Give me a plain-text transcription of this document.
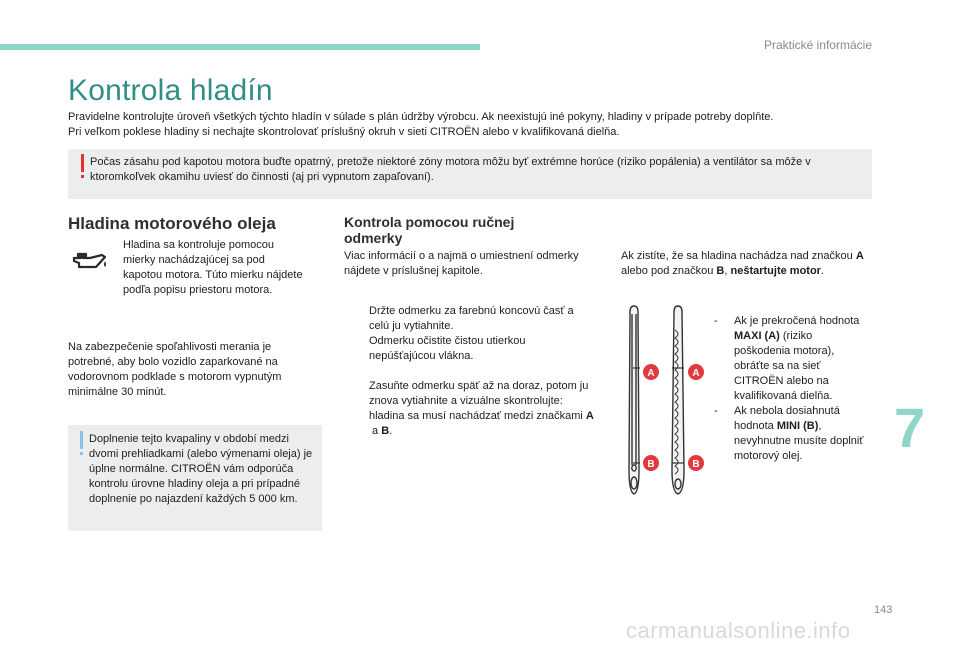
Praktické informácie
Kontrola hladín

Pravidelne kontrolujte úroveň všetkých týchto hladín v súlade s plán údržby výrobcu. Ak neexistujú iné pokyny, hladiny v prípade potreby doplňte.

Pri veľkom poklese hladiny si nechajte skontrolovať príslušný okruh v sieti CITROËN alebo v kvalifikovaná dielňa.

Počas zásahu pod kapotou motora buďte opatrný, pretože niektoré zóny motora môžu byť extrémne horúce (riziko popálenia) a ventilátor sa môže v ktoromkoľvek okamihu uviesť do činnosti (aj pri vypnutom zapaľovaní).
Hladina motorového oleja
Hladina sa kontroluje pomocou mierky nachádzajúcej sa pod kapotou motora. Túto mierku nájdete podľa popisu priestoru motora.
Na zabezpečenie spoľahlivosti merania je potrebné, aby bolo vozidlo zaparkované na vodorovnom podklade s motorom vypnutým minimálne 30 minút.
Doplnenie tejto kvapaliny v období medzi dvomi prehliadkami (alebo výmenami oleja) je úplne normálne. CITROËN vám odporúča kontrolu úrovne hladiny oleja a pri prípadné doplnenie po najazdení každých 5 000 km.
Kontrola pomocou ručnej odmerky
Viac informácií o a najmä o umiestnení odmerky nájdete v príslušnej kapitole.
Držte odmerku za farebnú koncovú časť a celú ju vytiahnite.
Odmerku očistite čistou utierkou nepúšťajúcou vlákna.
Zasuňte odmerku späť až na doraz, potom ju znova vytiahnite a vizuálne skontrolujte: hladina sa musí nachádzať medzi značkami A a B.
Ak zistíte, že sa hladina nachádza nad značkou A alebo pod značkou B, neštartujte motor.
A	A
B	B
- Ak je prekročená hodnota MAXI (A) (riziko poškodenia motora), obráťte sa na sieť CITROËN alebo na kvalifikovaná dielňa.
- Ak nebola dosiahnutá hodnota MINI (B), nevyhnutne musíte doplniť motorový olej.	7
143
carmanualsonline.info
